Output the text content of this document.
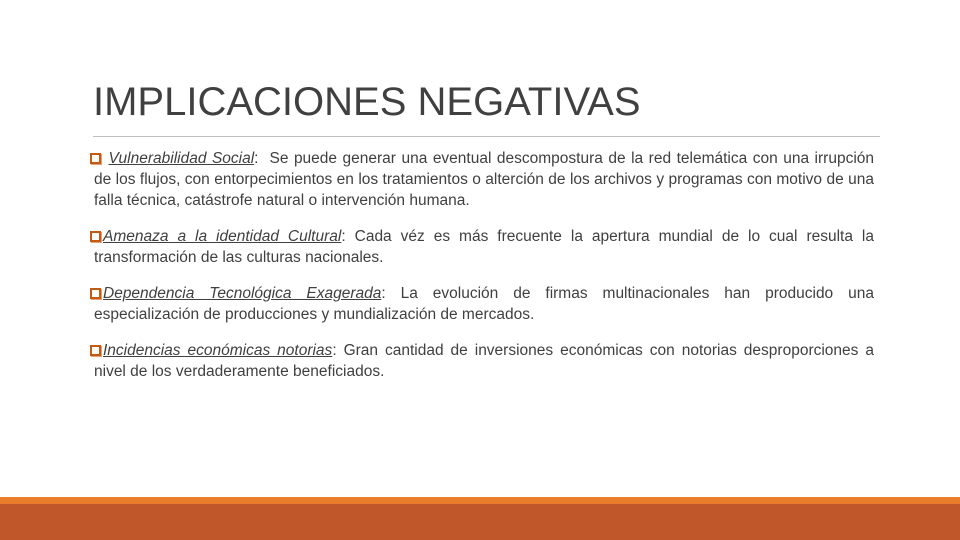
IMPLICACIONES NEGATIVAS

Vulnerabilidad Social:  Se puede generar una eventual descompostura de la red telemática con una irrupción de los flujos, con entorpecimientos en los tratamientos o alterción de los archivos y programas con motivo de una falla técnica, catástrofe natural o intervención humana.

Amenaza a la identidad Cultural: Cada véz es más frecuente la apertura mundial de lo cual resulta la transformación de las culturas nacionales.

Dependencia Tecnológica Exagerada: La evolución de firmas multinacionales han producido una especialización de producciones y mundialización de mercados.

Incidencias económicas notorias: Gran cantidad de inversiones económicas con notorias desproporciones a nivel de los verdaderamente beneficiados.
